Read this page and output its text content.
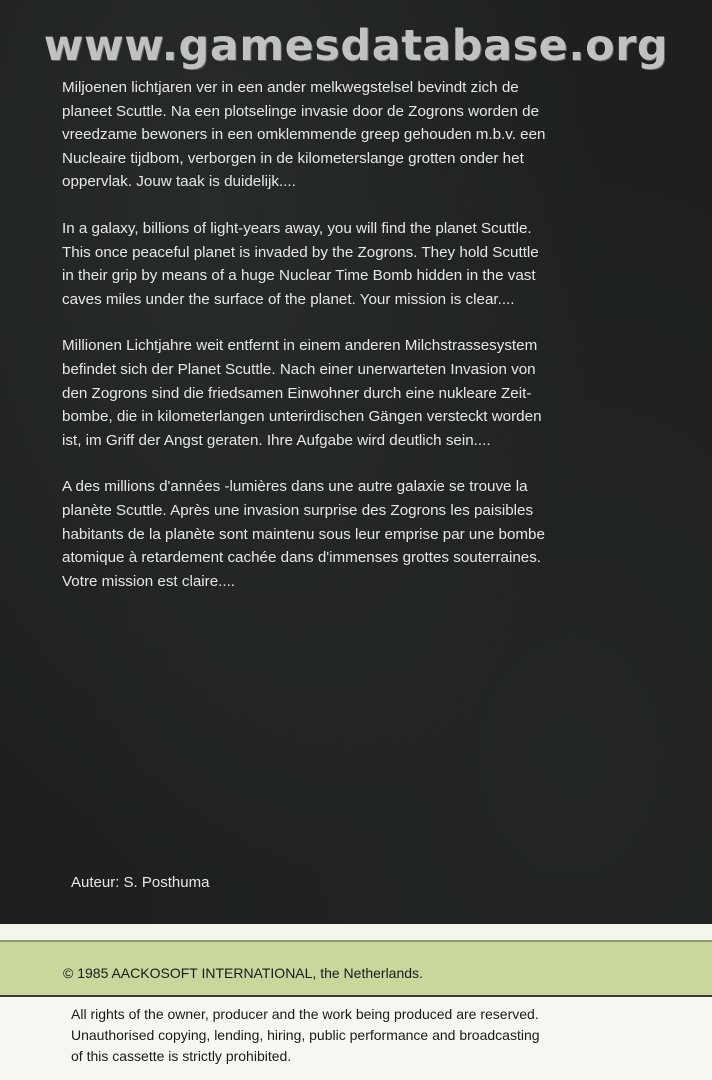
www.gamesdatabase.org

Miljoenen lichtjaren ver in een ander melkwegstelsel bevindt zich de
planeet Scuttle. Na een plotselinge invasie door de Zogrons worden de
vreedzame bewoners in een omklemmende greep gehouden m.b.v. een
Nucleaire tijdbom, verborgen in de kilometerslange grotten onder het
oppervlak. Jouw taak is duidelijk....

In a galaxy, billions of light-years away, you will find the planet Scuttle.
This once peaceful planet is invaded by the Zogrons. They hold Scuttle
in their grip by means of a huge Nuclear Time Bomb hidden in the vast
caves miles under the surface of the planet. Your mission is clear....

Millionen Lichtjahre weit entfernt in einem anderen Milchstrassesystem
befindet sich der Planet Scuttle. Nach einer unerwarteten Invasion von
den Zogrons sind die friedsamen Einwohner durch eine nukleare Zeit-
bombe, die in kilometerlangen unterirdischen Gängen versteckt worden
ist, im Griff der Angst geraten. Ihre Aufgabe wird deutlich sein....

A des millions d'années -lumières dans une autre galaxie se trouve la
planète Scuttle. Après une invasion surprise des Zogrons les paisibles
habitants de la planète sont maintenu sous leur emprise par une bombe
atomique à retardement cachée dans d'immenses grottes souterraines.
Votre mission est claire....

Auteur: S. Posthuma
© 1985 AACKOSOFT INTERNATIONAL, the Netherlands.
All rights of the owner, producer and the work being produced are reserved.
Unauthorised copying, lending, hiring, public performance and broadcasting
of this cassette is strictly prohibited.
